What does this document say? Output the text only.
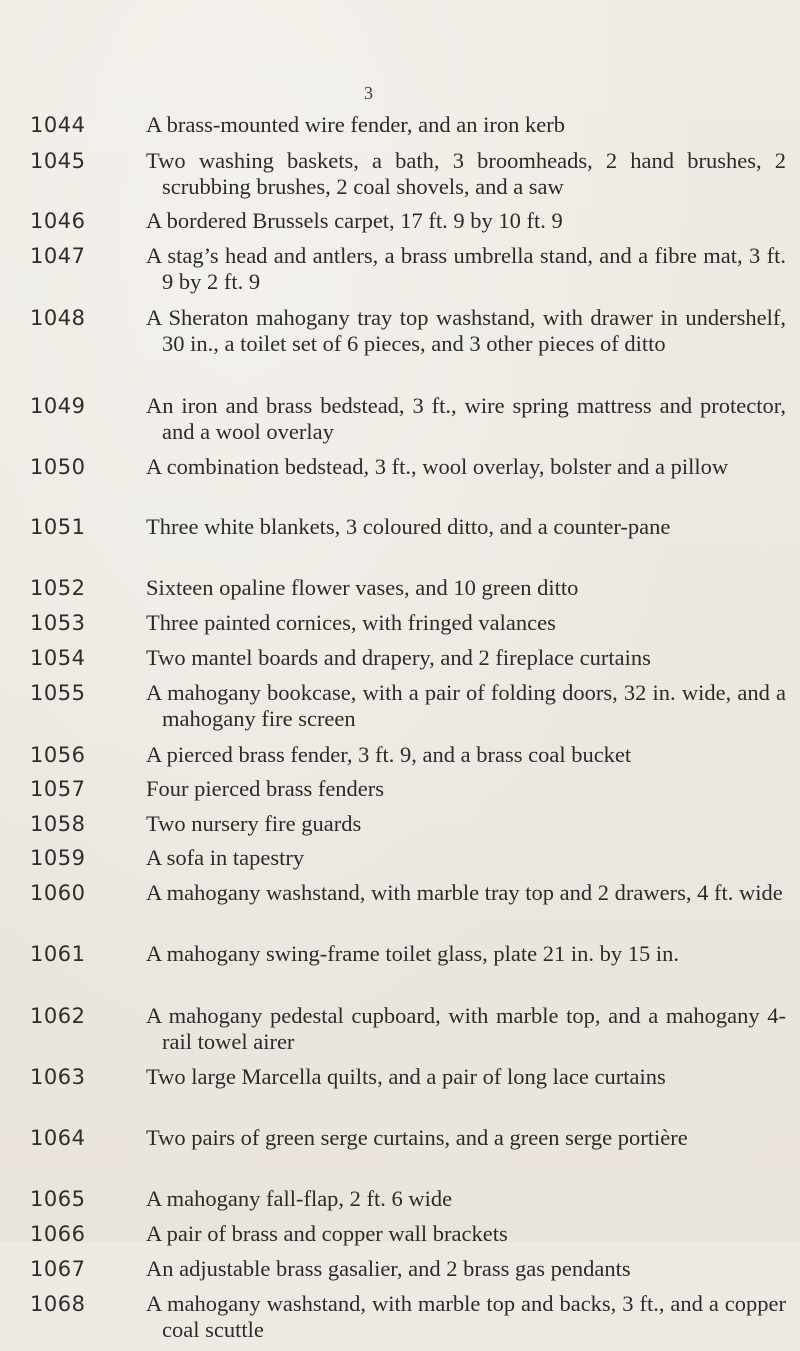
3
1044	A brass-mounted wire fender, and an iron kerb
1045	Two washing baskets, a bath, 3 broomheads, 2 hand brushes, 2 scrubbing brushes, 2 coal shovels, and a saw
1046	A bordered Brussels carpet, 17 ft. 9 by 10 ft. 9
1047	A stag’s head and antlers, a brass umbrella stand, and a fibre mat, 3 ft. 9 by 2 ft. 9
1048	A Sheraton mahogany tray top washstand, with drawer in undershelf, 30 in., a toilet set of 6 pieces, and 3 other pieces of ditto
1049	An iron and brass bedstead, 3 ft., wire spring mattress and protector, and a wool overlay
1050	A combination bedstead, 3 ft., wool overlay, bolster and a pillow
1051	Three white blankets, 3 coloured ditto, and a counter-pane
1052	Sixteen opaline flower vases, and 10 green ditto
1053	Three painted cornices, with fringed valances
1054	Two mantel boards and drapery, and 2 fireplace curtains
1055	A mahogany bookcase, with a pair of folding doors, 32 in. wide, and a mahogany fire screen
1056	A pierced brass fender, 3 ft. 9, and a brass coal bucket
1057	Four pierced brass fenders
1058	Two nursery fire guards
1059	A sofa in tapestry
1060	A mahogany washstand, with marble tray top and 2 drawers, 4 ft. wide
1061	A mahogany swing-frame toilet glass, plate 21 in. by 15 in.
1062	A mahogany pedestal cupboard, with marble top, and a mahogany 4-rail towel airer
1063	Two large Marcella quilts, and a pair of long lace curtains
1064	Two pairs of green serge curtains, and a green serge portière
1065	A mahogany fall-flap, 2 ft. 6 wide
1066	A pair of brass and copper wall brackets
1067	An adjustable brass gasalier, and 2 brass gas pendants
1068	A mahogany washstand, with marble top and backs, 3 ft., and a copper coal scuttle
